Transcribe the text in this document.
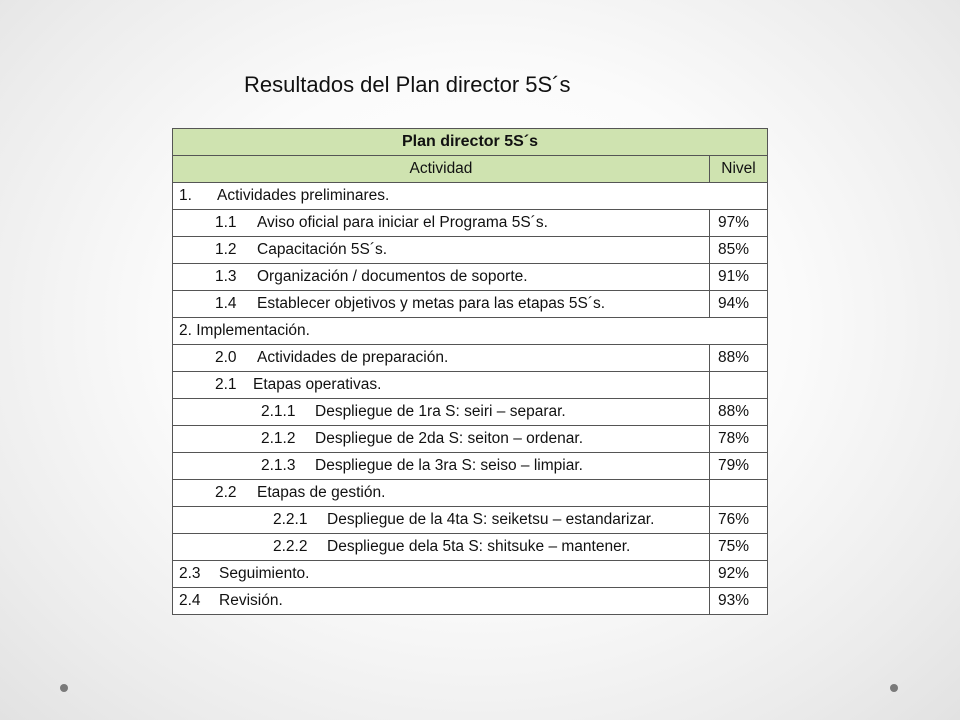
Resultados del Plan director 5S´s
Plan director 5S´s	
Actividad	Nivel
1. Actividades preliminares.	
1.1 Aviso oficial para iniciar el Programa 5S´s.	97%
1.2 Capacitación 5S´s.	85%
1.3 Organización / documentos de soporte.	91%
1.4 Establecer objetivos y metas para las etapas 5S´s.	94%
2. Implementación.	
2.0 Actividades de preparación.	88%
2.1 Etapas operativas.	
2.1.1 Despliegue de 1ra S: seiri – separar.	88%
2.1.2 Despliegue de 2da S: seiton – ordenar.	78%
2.1.3 Despliegue de la 3ra S: seiso – limpiar.	79%
2.2 Etapas de gestión.	
2.2.1 Despliegue de la 4ta S: seiketsu – estandarizar.	76%
2.2.2 Despliegue dela 5ta S: shitsuke – mantener.	75%
2.3 Seguimiento.	92%
2.4 Revisión.	93%
